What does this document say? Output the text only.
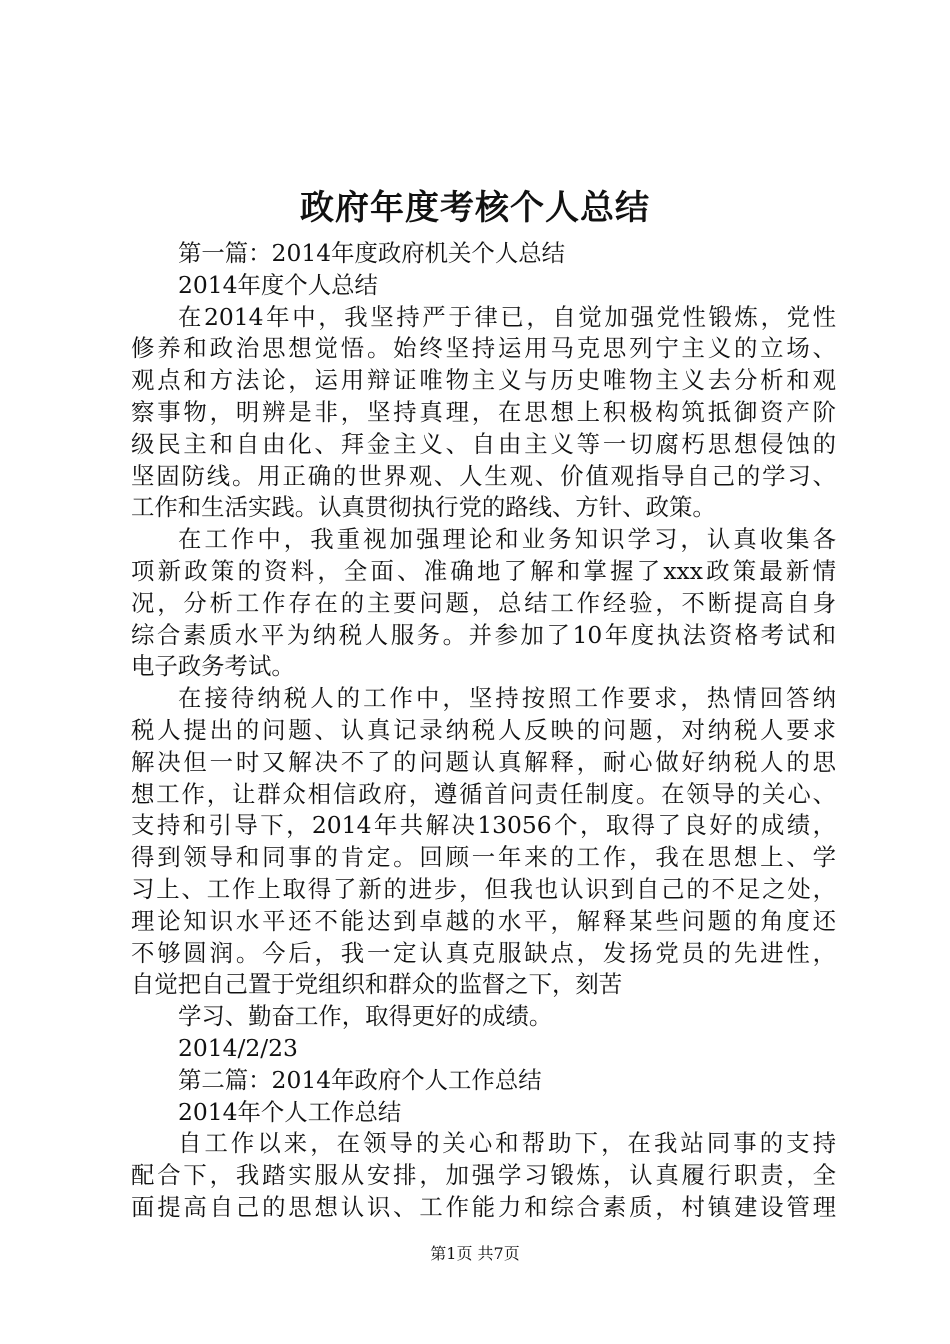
政府年度考核个人总结
第一篇：2014年度政府机关个人总结
2014年度个人总结
在2014年中，我坚持严于律已，自觉加强党性锻炼，党性
修养和政治思想觉悟。始终坚持运用马克思列宁主义的立场、
观点和方法论，运用辩证唯物主义与历史唯物主义去分析和观
察事物，明辨是非，坚持真理，在思想上积极构筑抵御资产阶
级民主和自由化、拜金主义、自由主义等一切腐朽思想侵蚀的
坚固防线。用正确的世界观、人生观、价值观指导自己的学习、
工作和生活实践。认真贯彻执行党的路线、方针、政策。
在工作中，我重视加强理论和业务知识学习，认真收集各
项新政策的资料，全面、准确地了解和掌握了xxx政策最新情
况，分析工作存在的主要问题，总结工作经验，不断提高自身
综合素质水平为纳税人服务。并参加了10年度执法资格考试和
电子政务考试。
在接待纳税人的工作中，坚持按照工作要求，热情回答纳
税人提出的问题、认真记录纳税人反映的问题，对纳税人要求
解决但一时又解决不了的问题认真解释，耐心做好纳税人的思
想工作，让群众相信政府，遵循首问责任制度。在领导的关心、
支持和引导下，2014年共解决13056个，取得了良好的成绩，
得到领导和同事的肯定。回顾一年来的工作，我在思想上、学
习上、工作上取得了新的进步，但我也认识到自己的不足之处，
理论知识水平还不能达到卓越的水平，解释某些问题的角度还
不够圆润。今后，我一定认真克服缺点，发扬党员的先进性，
自觉把自己置于党组织和群众的监督之下，刻苦
学习、勤奋工作，取得更好的成绩。
2014/2/23
第二篇：2014年政府个人工作总结
2014年个人工作总结
自工作以来，在领导的关心和帮助下，在我站同事的支持
配合下，我踏实服从安排，加强学习锻炼，认真履行职责，全
面提高自己的思想认识、工作能力和综合素质，村镇建设管理
第1页 共7页
